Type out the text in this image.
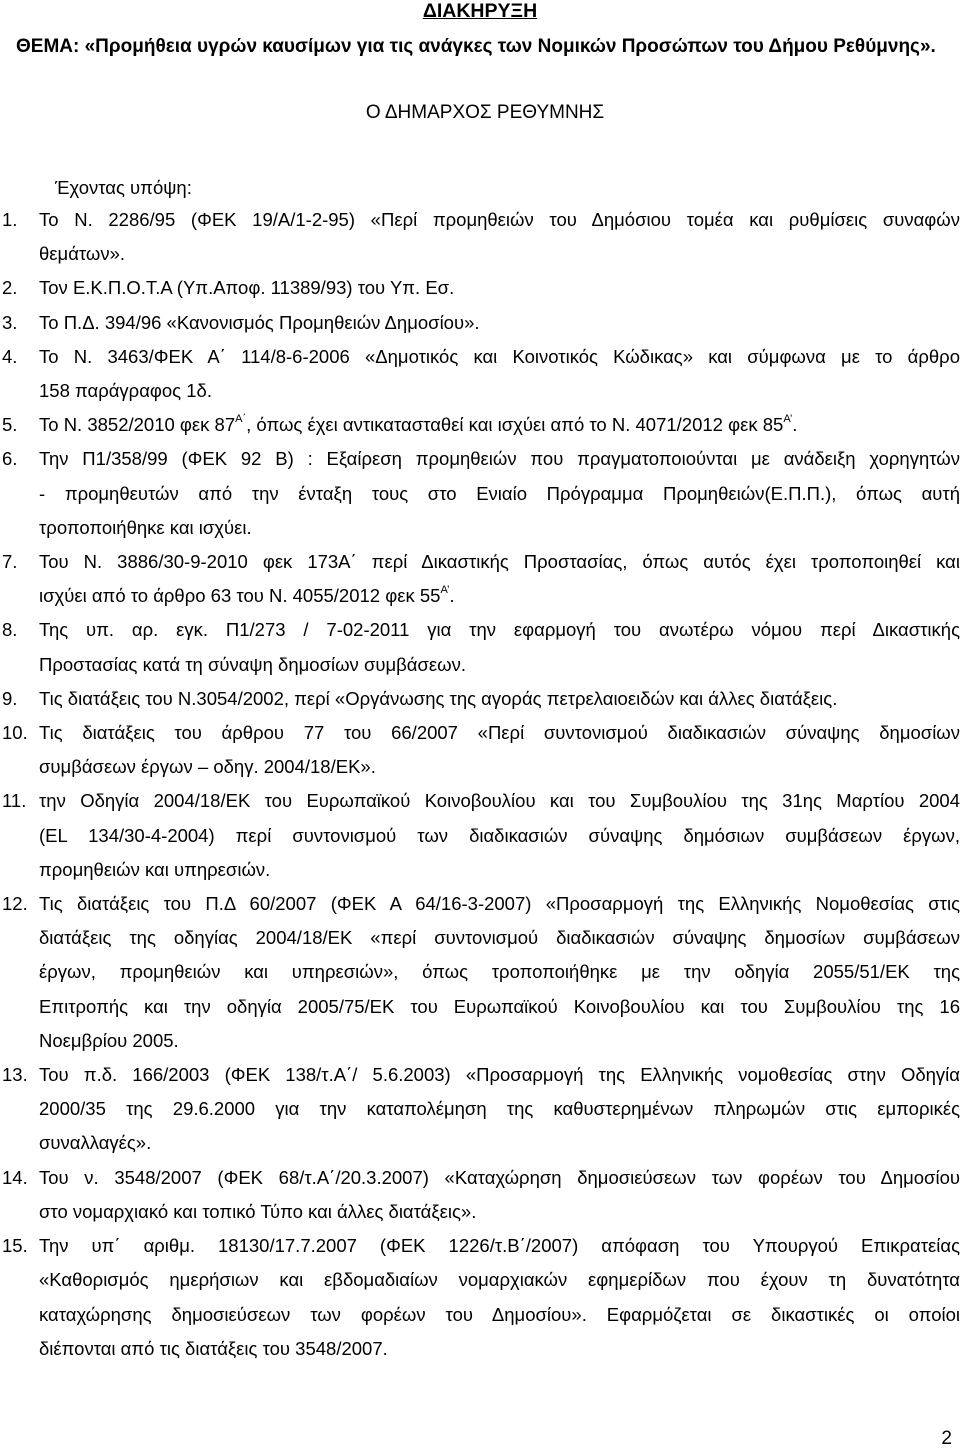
ΔΙΑΚΗΡΥΞΗ
ΘΕΜΑ: «Προμήθεια υγρών καυσίμων για τις ανάγκες των Νομικών Προσώπων του Δήμου Ρεθύμνης».
Ο ΔΗΜΑΡΧΟΣ ΡΕΘΥΜΝΗΣ
Έχοντας υπόψη:
1.	Το Ν. 2286/95 (ΦΕΚ 19/Α/1-2-95) «Περί προμηθειών του Δημόσιου τομέα και ρυθμίσεις συναφών
θεμάτων».
2.	Τον Ε.Κ.Π.Ο.Τ.Α (Υπ.Αποφ. 11389/93) του Υπ. Εσ.
3.	Το Π.Δ. 394/96 «Κανονισμός Προμηθειών Δημοσίου».
4.	Το Ν. 3463/ΦΕΚ Α΄ 114/8-6-2006 «Δημοτικός και Κοινοτικός Κώδικας» και σύμφωνα με το άρθρο
158 παράγραφος 1δ.
5.	Το Ν. 3852/2010 φεκ $87^{A΄}$, όπως έχει αντικατασταθεί και ισχύει από το Ν. 4071/2012 φεκ $85^{A’}$.
6.	Την Π1/358/99 (ΦΕΚ 92 Β) : Εξαίρεση προμηθειών που πραγματοποιούνται με ανάδειξη χορηγητών
- προμηθευτών από την ένταξη τους στο Ενιαίο Πρόγραμμα Προμηθειών(Ε.Π.Π.), όπως αυτή
τροποποιήθηκε και ισχύει.
7.	Του Ν. 3886/30-9-2010 φεκ 173Α΄ περί Δικαστικής Προστασίας, όπως αυτός έχει τροποποιηθεί και
ισχύει από το άρθρο 63 του Ν. 4055/2012 φεκ $55^{A’}$.
8.	Της υπ. αρ. εγκ. Π1/273 / 7-02-2011 για την εφαρμογή του ανωτέρω νόμου περί Δικαστικής
Προστασίας κατά τη σύναψη δημοσίων συμβάσεων.
9.	Τις διατάξεις του Ν.3054/2002, περί «Οργάνωσης της αγοράς πετρελαιοειδών και άλλες διατάξεις.
10. Τις διατάξεις του άρθρου 77 του 66/2007 «Περί συντονισμού διαδικασιών σύναψης δημοσίων
συμβάσεων έργων – οδηγ. 2004/18/ΕΚ».
11. την Οδηγία 2004/18/ΕΚ του Ευρωπαϊκού Κοινοβουλίου και του Συμβουλίου της 31ης Μαρτίου 2004
(EL 134/30-4-2004) περί συντονισμού των διαδικασιών σύναψης δημόσιων συμβάσεων έργων,
προμηθειών και υπηρεσιών.
12. Τις διατάξεις του Π.Δ 60/2007 (ΦΕΚ Α 64/16-3-2007) «Προσαρμογή της Ελληνικής Νομοθεσίας στις
διατάξεις της οδηγίας 2004/18/ΕΚ «περί συντονισμού διαδικασιών σύναψης δημοσίων συμβάσεων
έργων, προμηθειών και υπηρεσιών», όπως τροποποιήθηκε με την οδηγία 2055/51/ΕΚ της
Επιτροπής και την οδηγία 2005/75/ΕΚ του Ευρωπαϊκού Κοινοβουλίου και του Συμβουλίου της 16
Νοεμβρίου 2005.
13. Του π.δ. 166/2003 (ΦΕΚ 138/τ.Α΄/ 5.6.2003) «Προσαρμογή της Ελληνικής νομοθεσίας στην Οδηγία
2000/35 της 29.6.2000 για την καταπολέμηση της καθυστερημένων πληρωμών στις εμπορικές
συναλλαγές».
14. Του ν. 3548/2007 (ΦΕΚ 68/τ.Α΄/20.3.2007) «Καταχώρηση δημοσιεύσεων των φορέων του Δημοσίου
στο νομαρχιακό και τοπικό Τύπο και άλλες διατάξεις».
15. Την υπ΄ αριθμ. 18130/17.7.2007 (ΦΕΚ 1226/τ.Β΄/2007) απόφαση του Υπουργού Επικρατείας
«Καθορισμός ημερήσιων και εβδομαδιαίων νομαρχιακών εφημερίδων που έχουν τη δυνατότητα
καταχώρησης δημοσιεύσεων των φορέων του Δημοσίου». Εφαρμόζεται σε δικαστικές οι οποίοι
διέπονται από τις διατάξεις του 3548/2007.
2
